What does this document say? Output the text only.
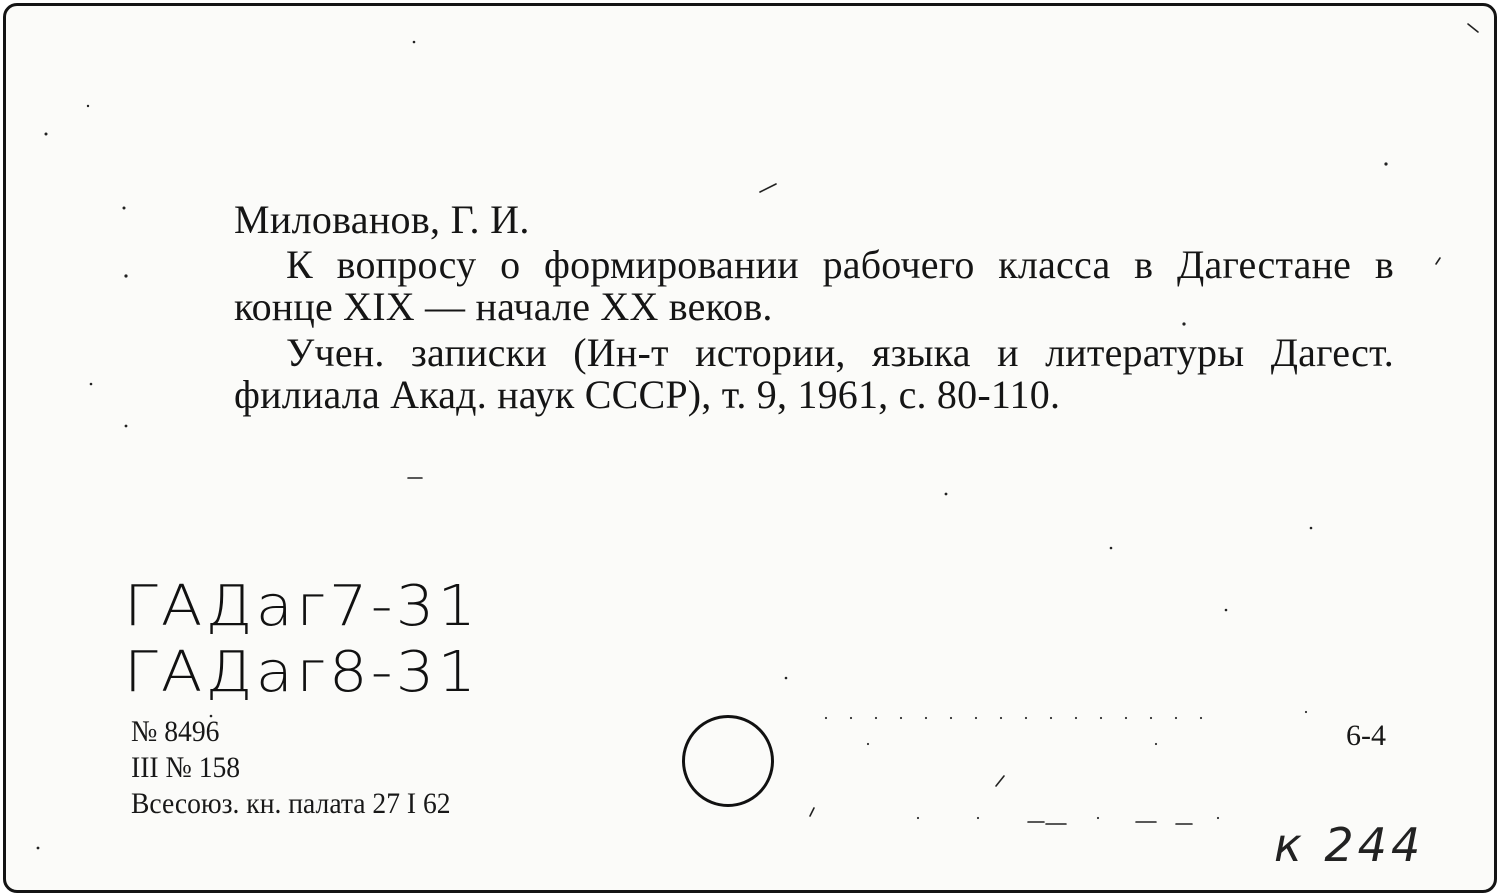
Милованов, Г. И.

К вопросу о формировании рабочего класса в Дагестане в конце XIX — начале XX веков.

Учен. записки (Ин-т истории, языка и литературы Дагест. филиала Акад. наук СССР), т. 9, 1961, с. 80-110.

ГАДаг7-31
ГАДаг8-31
№ 8496
III № 158
Всесоюз. кн. палата 27 I 62
6-4
к 244
